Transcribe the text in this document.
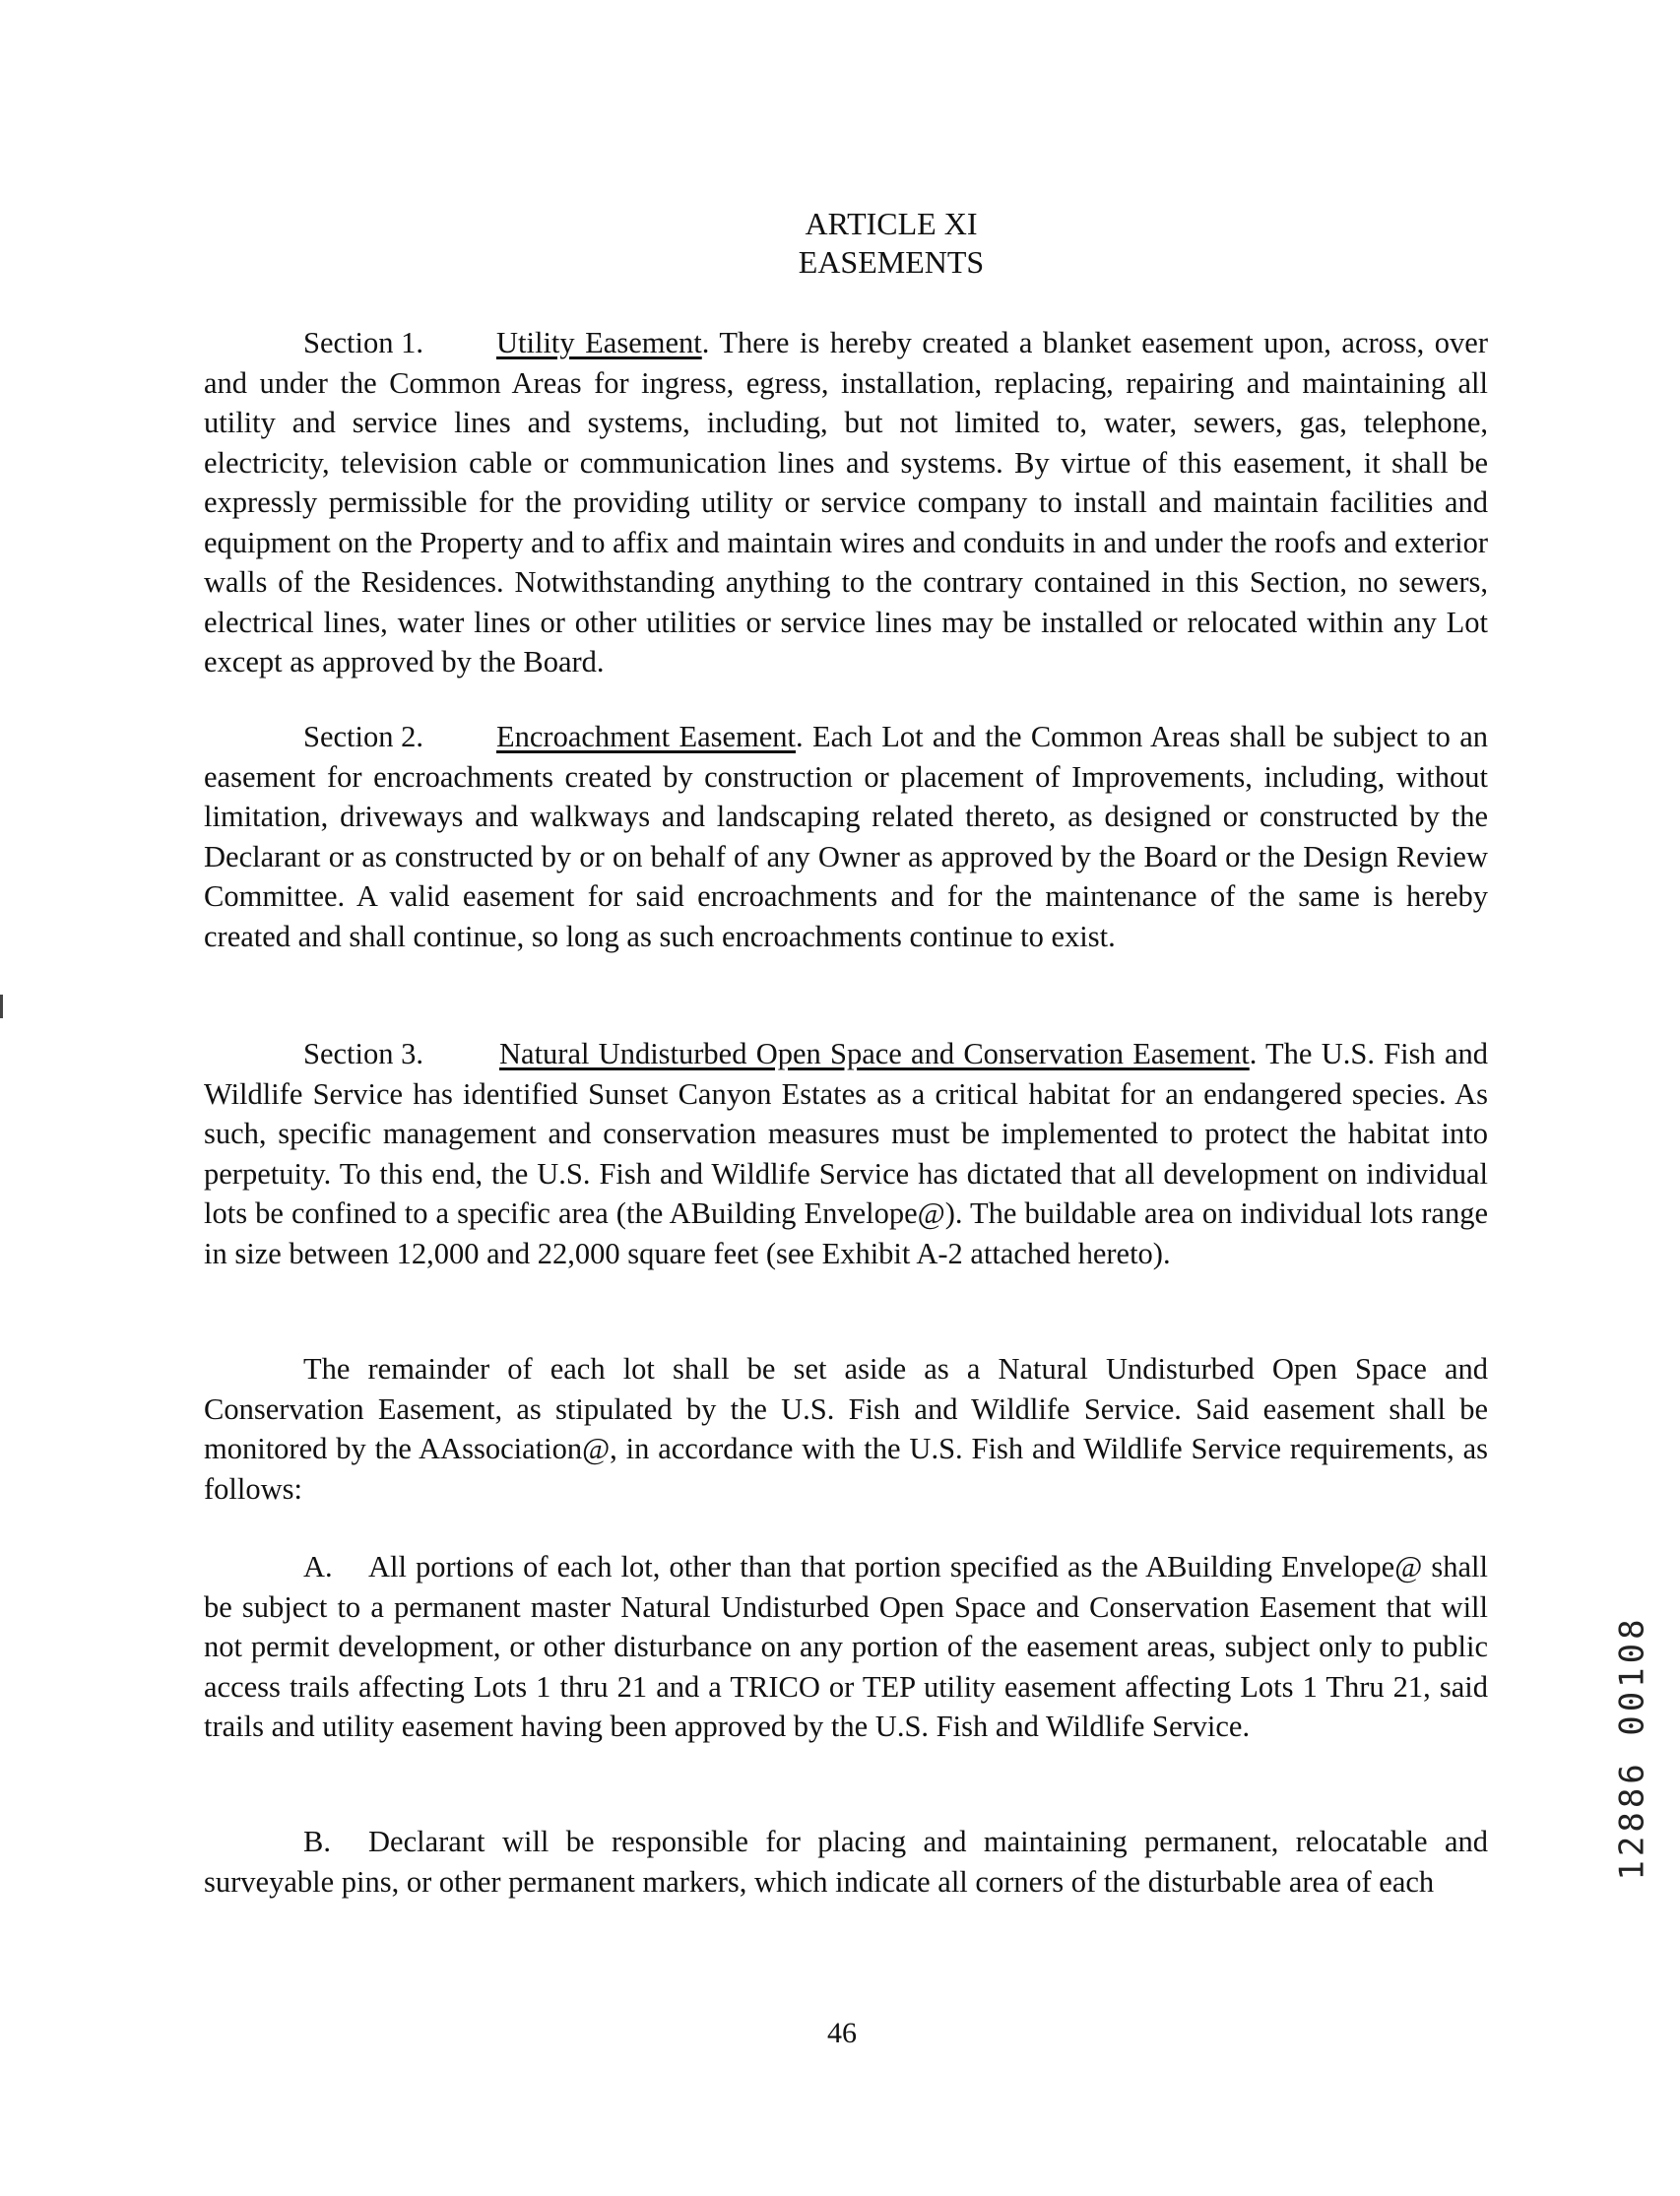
ARTICLE XI
EASEMENTS

Section 1. Utility Easement. There is hereby created a blanket easement upon, across, over and under the Common Areas for ingress, egress, installation, replacing, repairing and maintaining all utility and service lines and systems, including, but not limited to, water, sewers, gas, telephone, electricity, television cable or communication lines and systems. By virtue of this easement, it shall be expressly permissible for the providing utility or service company to install and maintain facilities and equipment on the Property and to affix and maintain wires and conduits in and under the roofs and exterior walls of the Residences. Notwithstanding anything to the contrary contained in this Section, no sewers, electrical lines, water lines or other utilities or service lines may be installed or relocated within any Lot except as approved by the Board.

Section 2. Encroachment Easement. Each Lot and the Common Areas shall be subject to an easement for encroachments created by construction or placement of Improvements, including, without limitation, driveways and walkways and landscaping related thereto, as designed or constructed by the Declarant or as constructed by or on behalf of any Owner as approved by the Board or the Design Review Committee. A valid easement for said encroachments and for the maintenance of the same is hereby created and shall continue, so long as such encroachments continue to exist.

Section 3.	Natural Undisturbed Open Space and Conservation Easement. The U.S. Fish and Wildlife Service has identified Sunset Canyon Estates as a critical habitat for an endangered species. As such, specific management and conservation measures must be implemented to protect the habitat into perpetuity. To this end, the U.S. Fish and Wildlife Service has dictated that all development on individual lots be confined to a specific area (the ABuilding Envelope@). The buildable area on individual lots range in size between 12,000 and 22,000 square feet (see Exhibit A-2 attached hereto).

The remainder of each lot shall be set aside as a Natural Undisturbed Open Space and Conservation Easement, as stipulated by the U.S. Fish and Wildlife Service. Said easement shall be monitored by the AAssociation@, in accordance with the U.S. Fish and Wildlife Service requirements, as follows:

A. All portions of each lot, other than that portion specified as the ABuilding Envelope@ shall be subject to a permanent master Natural Undisturbed Open Space and Conservation Easement that will not permit development, or other disturbance on any portion of the easement areas, subject only to public access trails affecting Lots 1 thru 21 and a TRICO or TEP utility easement affecting Lots 1 Thru 21, said trails and utility easement having been approved by the U.S. Fish and Wildlife Service.

B. Declarant will be responsible for placing and maintaining permanent, relocatable and surveyable pins, or other permanent markers, which indicate all corners of the disturbable area of each

46
12886 00108
